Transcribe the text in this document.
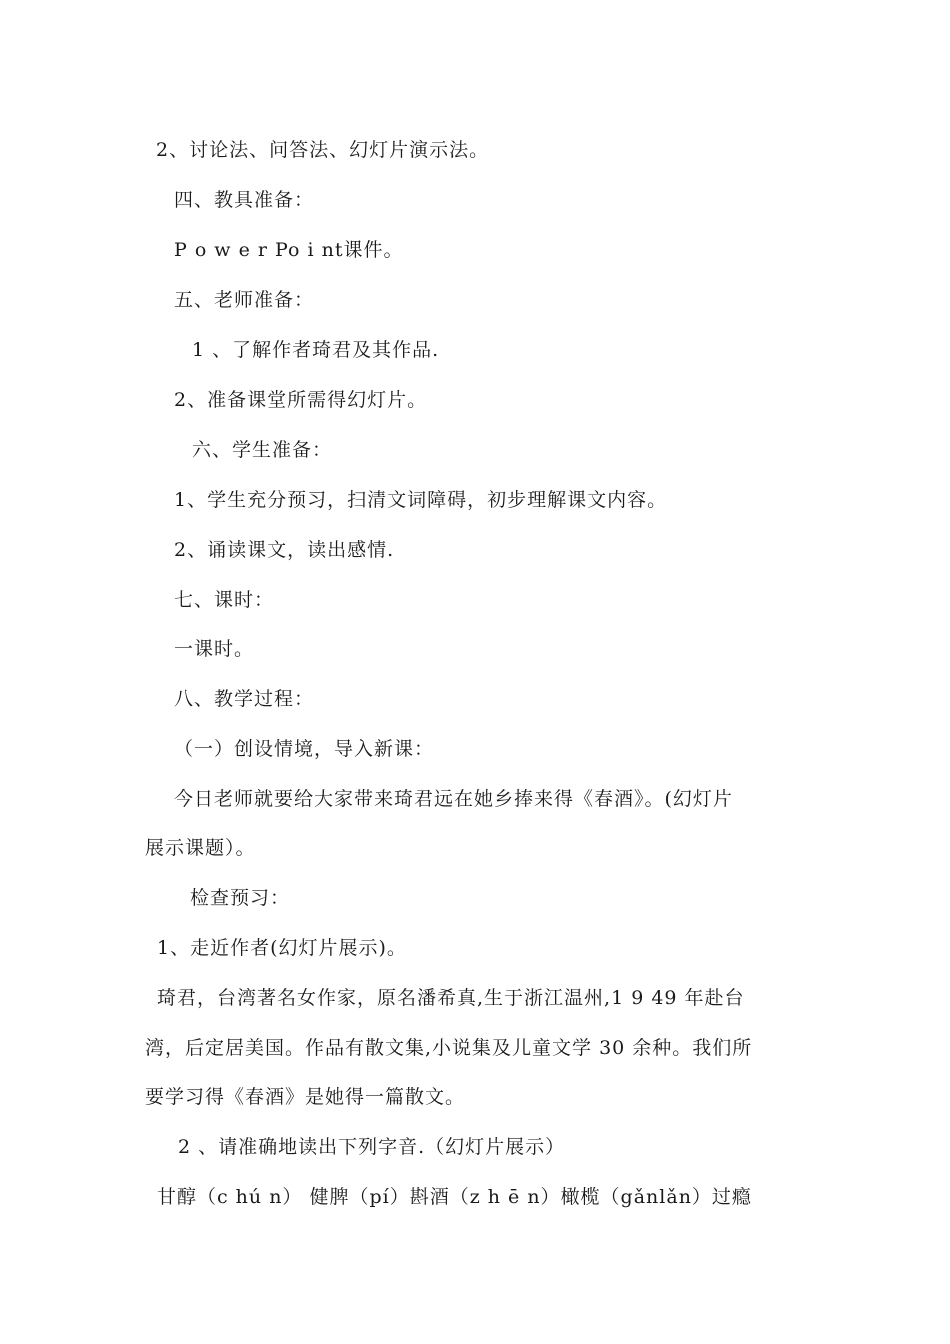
2、讨论法、问答法、幻灯片演示法。
四、教具准备：
P o w e r Po i nt课件。
五、老师准备：
1 、了解作者琦君及其作品.
2、准备课堂所需得幻灯片。
六、学生准备：
1、学生充分预习，扫清文词障碍，初步理解课文内容。
2、诵读课文，读出感情.
七、课时：
一课时。
八、教学过程：
（一）创设情境，导入新课：
今日老师就要给大家带来琦君远在她乡捧来得《春酒》。(幻灯片
展示课题）。
检查预习：
1、走近作者(幻灯片展示)。
琦君，台湾著名女作家，原名潘希真,生于浙江温州,1 9 49 年赴台
湾，后定居美国。作品有散文集,小说集及儿童文学 30 余种。我们所
要学习得《春酒》是她得一篇散文。
2 、请准确地读出下列字音.（幻灯片展示）
甘醇（c hú n） 健脾（pí）斟酒（z h ē n）橄榄（gǎnlǎn）过瘾
